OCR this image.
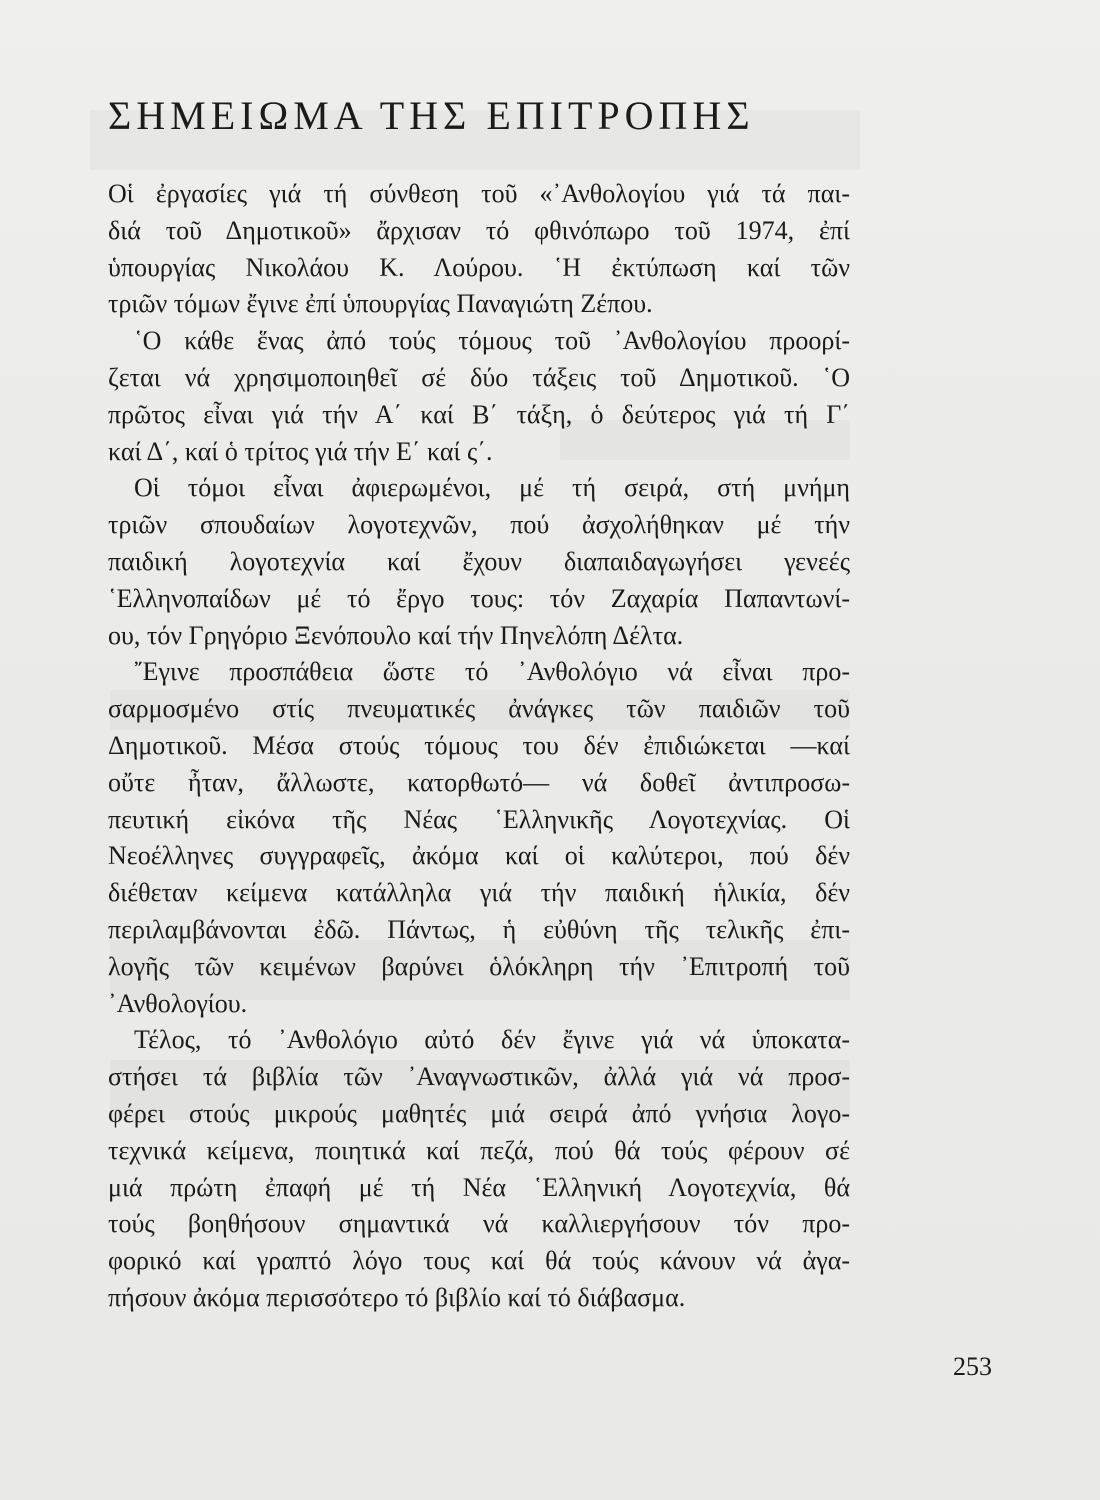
ΣΗΜΕΙΩΜΑ ΤΗΣ ΕΠΙΤΡΟΠΗΣ

Οἱ ἐργασίες γιά τή σύνθεση τοῦ «᾿Ανθολογίου γιά τά παι-
διά τοῦ Δημοτικοῦ» ἄρχισαν τό φθινόπωρο τοῦ 1974, ἐπί
ὑπουργίας Νικολάου Κ. Λούρου. ῾Η ἐκτύπωση καί τῶν
τριῶν τόμων ἔγινε ἐπί ὑπουργίας Παναγιώτη Ζέπου.

῾Ο κάθε ἕνας ἀπό τούς τόμους τοῦ ᾿Ανθολογίου προορί-
ζεται νά χρησιμοποιηθεῖ σέ δύο τάξεις τοῦ Δημοτικοῦ. ῾Ο
πρῶτος εἶναι γιά τήν Α΄ καί Β΄ τάξη, ὁ δεύτερος γιά τή Γ΄
καί Δ΄, καί ὁ τρίτος γιά τήν Ε΄ καί ς΄.

Οἱ τόμοι εἶναι ἀφιερωμένοι, μέ τή σειρά, στή μνήμη
τριῶν σπουδαίων λογοτεχνῶν, πού ἀσχολήθηκαν μέ τήν
παιδική λογοτεχνία καί ἔχουν διαπαιδαγωγήσει γενεές
῾Ελληνοπαίδων μέ τό ἔργο τους: τόν Ζαχαρία Παπαντωνί-
ου, τόν Γρηγόριο Ξενόπουλο καί τήν Πηνελόπη Δέλτα.

῎Εγινε προσπάθεια ὥστε τό ᾿Ανθολόγιο νά εἶναι προ-
σαρμοσμένο στίς πνευματικές ἀνάγκες τῶν παιδιῶν τοῦ
Δημοτικοῦ. Μέσα στούς τόμους του δέν ἐπιδιώκεται —καί
οὔτε ἦταν, ἄλλωστε, κατορθωτό— νά δοθεῖ ἀντιπροσω-
πευτική εἰκόνα τῆς Νέας ῾Ελληνικῆς Λογοτεχνίας. Οἱ
Νεοέλληνες συγγραφεῖς, ἀκόμα καί οἱ καλύτεροι, πού δέν
διέθεταν κείμενα κατάλληλα γιά τήν παιδική ἡλικία, δέν
περιλαμβάνονται ἐδῶ. Πάντως, ἡ εὐθύνη τῆς τελικῆς ἐπι-
λογῆς τῶν κειμένων βαρύνει ὁλόκληρη τήν ᾿Επιτροπή τοῦ
᾿Ανθολογίου.

Τέλος, τό ᾿Ανθολόγιο αὐτό δέν ἔγινε γιά νά ὑποκατα-
στήσει τά βιβλία τῶν ᾿Αναγνωστικῶν, ἀλλά γιά νά προσ-
φέρει στούς μικρούς μαθητές μιά σειρά ἀπό γνήσια λογο-
τεχνικά κείμενα, ποιητικά καί πεζά, πού θά τούς φέρουν σέ
μιά πρώτη ἐπαφή μέ τή Νέα ῾Ελληνική Λογοτεχνία, θά
τούς βοηθήσουν σημαντικά νά καλλιεργήσουν τόν προ-
φορικό καί γραπτό λόγο τους καί θά τούς κάνουν νά ἀγα-
πήσουν ἀκόμα περισσότερο τό βιβλίο καί τό διάβασμα.

253
